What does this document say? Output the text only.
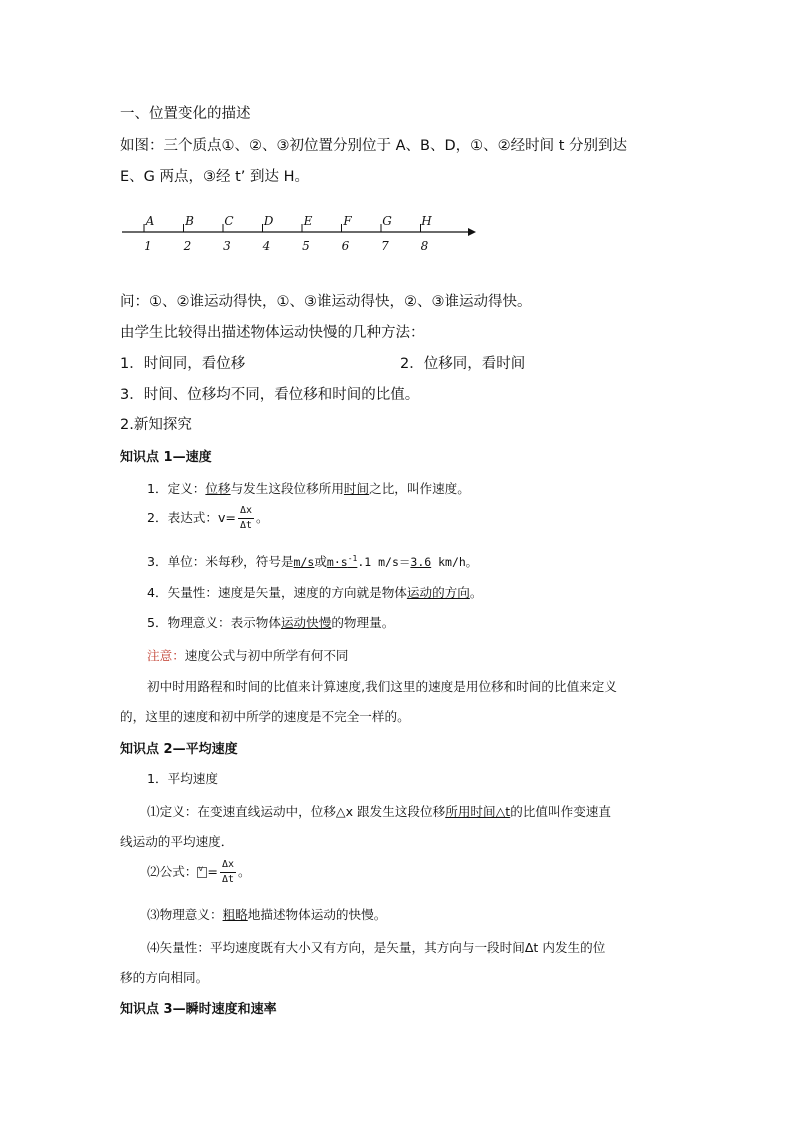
一、位置变化的描述
如图：三个质点①、②、③初位置分别位于 A、B、D，①、②经时间 t 分别到达
E、G 两点，③经 t’ 到达 H。
A
1
B
2
C
3
D
4
E
5
F
6
G
7
H
8
问：①、②谁运动得快，①、③谁运动得快，②、③谁运动得快。
由学生比较得出描述物体运动快慢的几种方法：
1．时间同，看位移	2．位移同，看时间
3．时间、位移均不同，看位移和时间的比值。
2.新知探究
知识点 1—速度
1．定义：位移与发生这段位移所用时间之比，叫作速度。
2．表达式：$v= \frac{\Delta x}{\Delta t}$ 。
3．单位：米每秒，符号是m/s或$m\cdot s^{-1}.1$ m/s＝3.6 km/h。
4．矢量性：速度是矢量，速度的方向就是物体运动的方向。
5．物理意义：表示物体运动快慢的物理量。
注意：速度公式与初中所学有何不同
初中时用路程和时间的比值来计算速度,我们这里的速度是用位移和时间的比值来定义
的，这里的速度和初中所学的速度是不完全一样的。
知识点 2—平均速度
1．平均速度
⑴定义：在变速直线运动中，位移△x 跟发生这段位移所用时间△t的比值叫作变速直
线运动的平均速度．
⑵公式：$v = \frac{\Delta x}{\Delta t}$ 。
⑶物理意义：粗略地描述物体运动的快慢。
⑷矢量性：平均速度既有大小又有方向，是矢量，其方向与一段时间Δt 内发生的位
移的方向相同。
知识点 3—瞬时速度和速率
